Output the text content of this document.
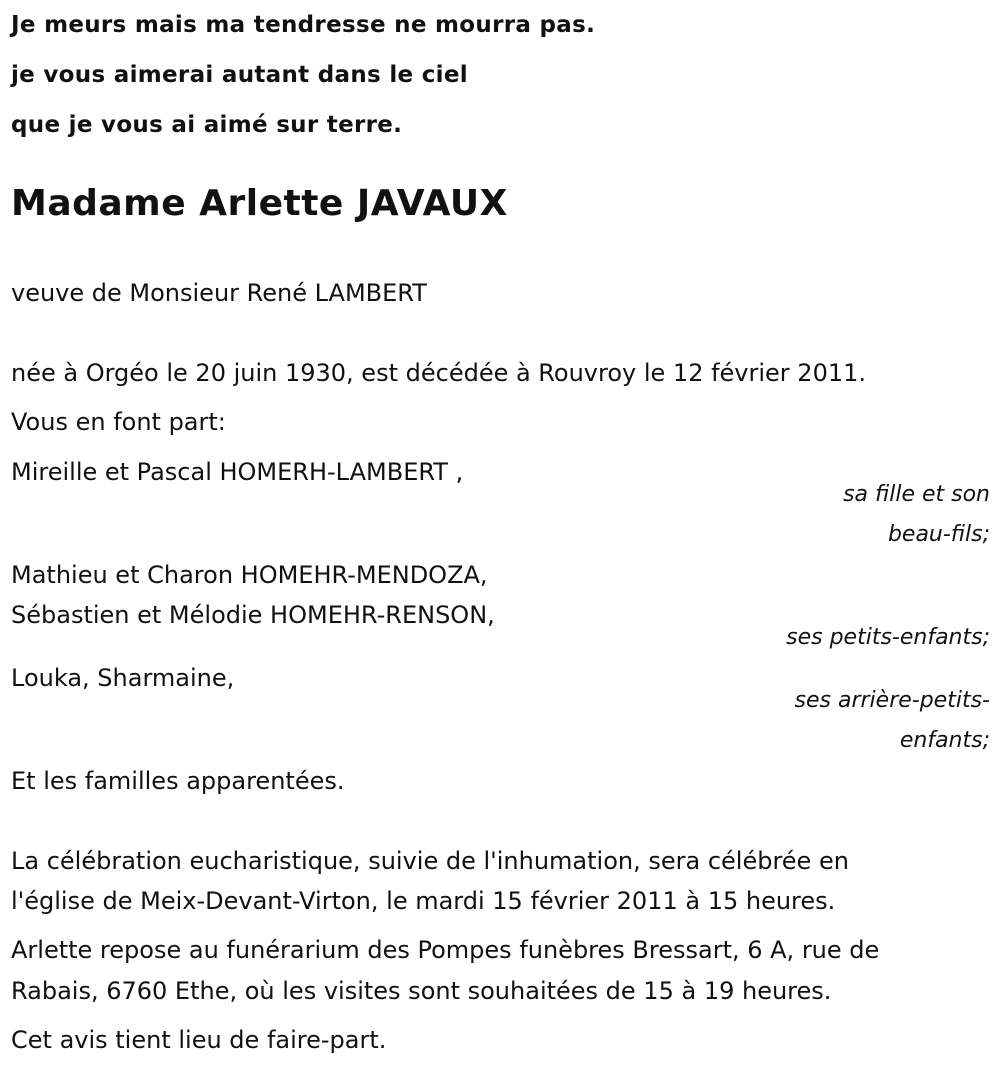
Je meurs mais ma tendresse ne mourra pas.
je vous aimerai autant dans le ciel
que je vous ai aimé sur terre.
Madame Arlette JAVAUX
veuve de Monsieur René LAMBERT
née à Orgéo le 20 juin 1930, est décédée à Rouvroy le 12 février 2011.
Vous en font part:
Mireille et Pascal HOMERH-LAMBERT ,
sa fille et son
beau-fils;
Mathieu et Charon HOMEHR-MENDOZA,
Sébastien et Mélodie HOMEHR-RENSON,
ses petits-enfants;
Louka, Sharmaine,
ses arrière-petits-
enfants;
Et les familles apparentées.
La célébration eucharistique, suivie de l'inhumation, sera célébrée en
l'église de Meix-Devant-Virton, le mardi 15 février 2011 à 15 heures.
Arlette repose au funérarium des Pompes funèbres Bressart, 6 A, rue de
Rabais, 6760 Ethe, où les visites sont souhaitées de 15 à 19 heures.
Cet avis tient lieu de faire-part.
